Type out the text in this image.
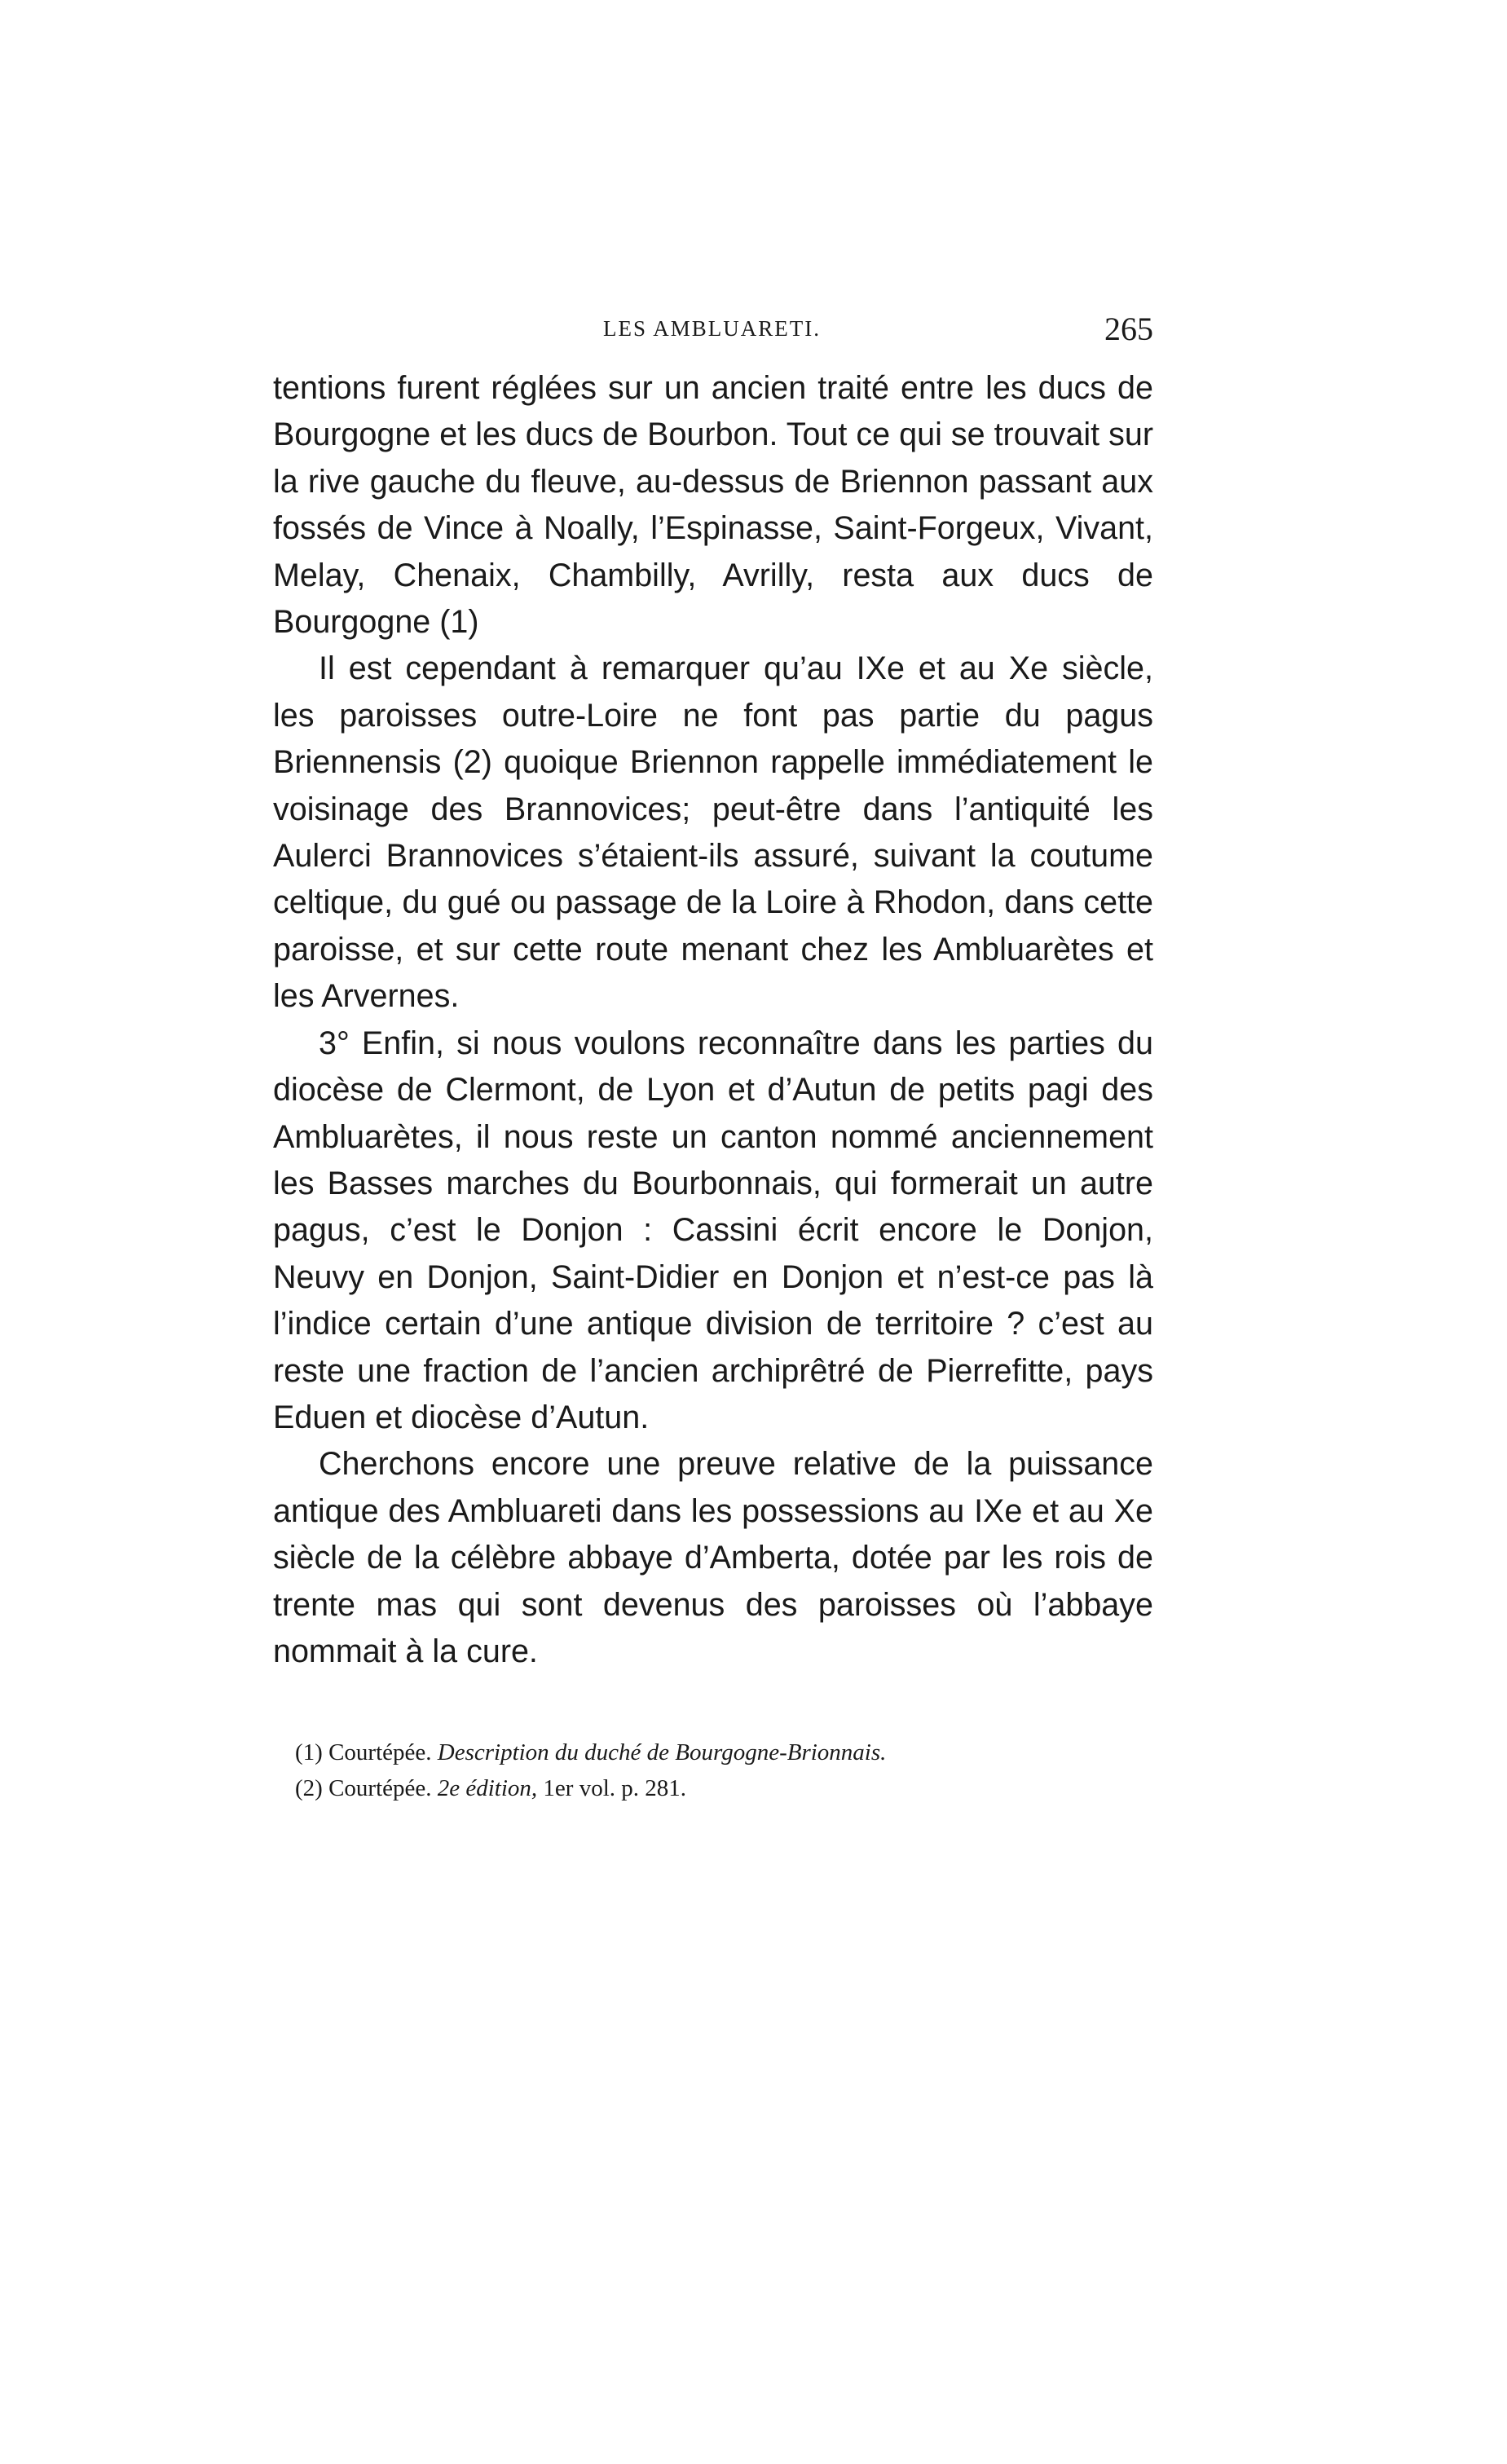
LES AMBLUARETI.	265

tentions furent réglées sur un ancien traité entre les ducs de Bourgogne et les ducs de Bourbon. Tout ce qui se trouvait sur la rive gauche du fleuve, au-dessus de Briennon passant aux fossés de Vince à Noally, l’Espinasse, Saint-Forgeux, Vivant, Melay, Chenaix, Chambilly, Avrilly, resta aux ducs de Bourgogne (1)

Il est cependant à remarquer qu’au IXe et au Xe siècle, les paroisses outre-Loire ne font pas partie du pagus Briennensis (2) quoique Briennon rappelle immédiatement le voisinage des Brannovices; peut-être dans l’antiquité les Aulerci Brannovices s’étaient-ils assuré, suivant la coutume celtique, du gué ou passage de la Loire à Rhodon, dans cette paroisse, et sur cette route menant chez les Ambluarètes et les Arvernes.

3° Enfin, si nous voulons reconnaître dans les parties du diocèse de Clermont, de Lyon et d’Autun de petits pagi des Ambluarètes, il nous reste un canton nommé anciennement les Basses marches du Bourbonnais, qui formerait un autre pagus, c’est le Donjon : Cassini écrit encore le Donjon, Neuvy en Donjon, Saint-Didier en Donjon et n’est-ce pas là l’indice certain d’une antique division de territoire ? c’est au reste une fraction de l’ancien archiprêtré de Pierrefitte, pays Eduen et diocèse d’Autun.

Cherchons encore une preuve relative de la puissance antique des Ambluareti dans les possessions au IXe et au Xe siècle de la célèbre abbaye d’Amberta, dotée par les rois de trente mas qui sont devenus des paroisses où l’abbaye nommait à la cure.

(1) Courtépée. Description du duché de Bourgogne-Brionnais.

(2) Courtépée. 2e édition, 1er vol. p. 281.
